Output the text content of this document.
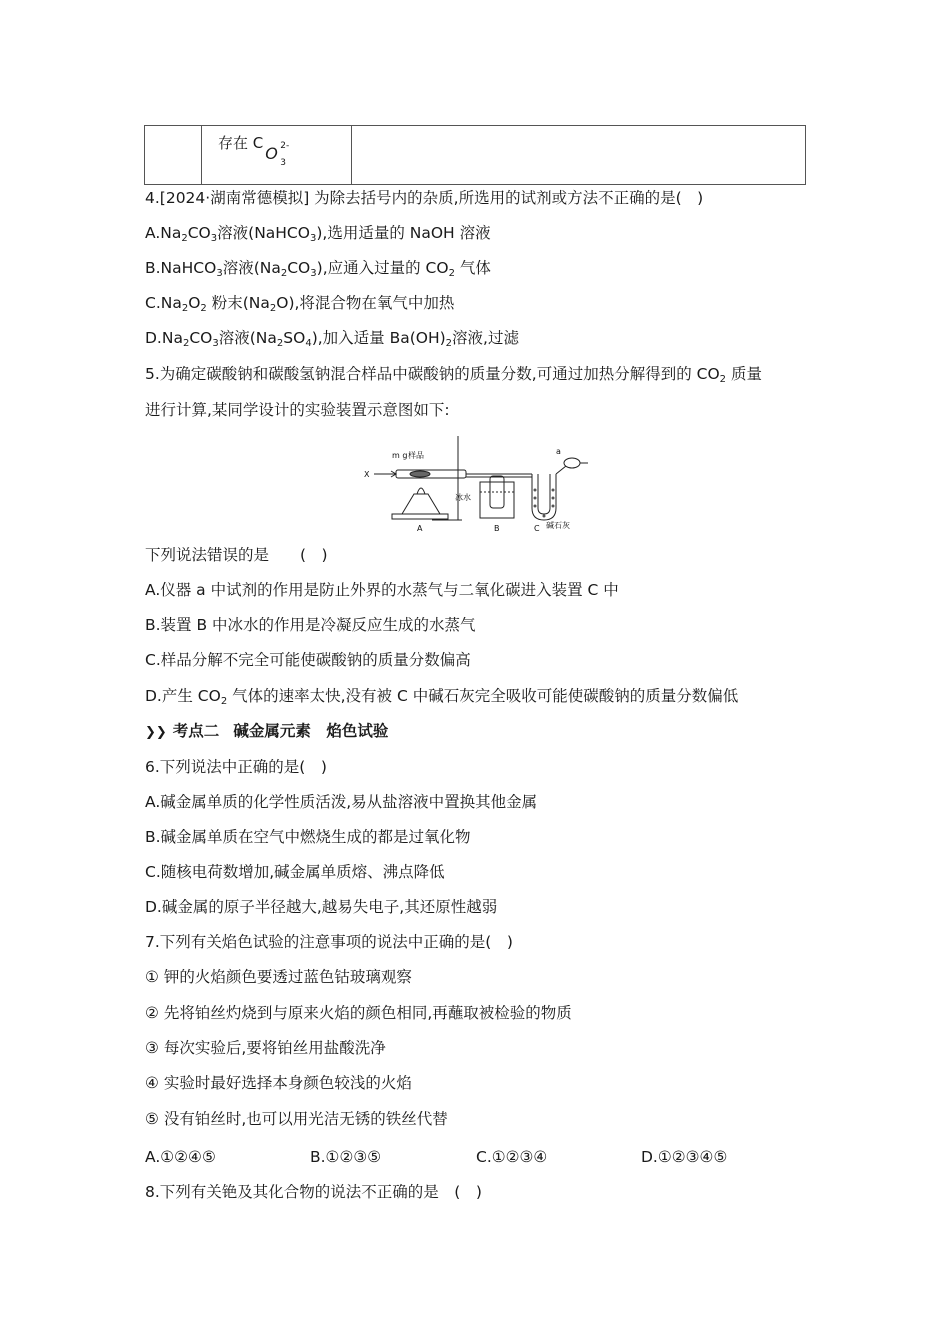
	存在 C
O 2-
3

4.[2024·湖南常德模拟] 为除去括号内的杂质,所选用的试剂或方法不正确的是(　)
$A.Na_2CO_3$溶液(NaHCO$_3$),选用适量的 NaOH 溶液
B.NaHCO$_3$溶液$(Na_2CO_3)$,应通入过量的 $CO_2$ 气体
$C.Na_2O_2$ 粉末$(Na_2O)$,将混合物在氧气中加热
$D.Na_2CO_3$溶液$(Na_2SO_4)$,加入适量 $Ba(OH)_2$溶液,过滤
5.为确定碳酸钠和碳酸氢钠混合样品中碳酸钠的质量分数,可通过加热分解得到的 $CO_2$ 质量
进行计算,某同学设计的实验装置示意图如下:
X
m g 样品
冰水
碱石灰
a
A	B	C
下列说法错误的是　　(　)
A.仪器 a 中试剂的作用是防止外界的水蒸气与二氧化碳进入装置 C 中
B.装置 B 中冰水的作用是冷凝反应生成的水蒸气
C.样品分解不完全可能使碳酸钠的质量分数偏高
D.产生 $CO_2$ 气体的速率太快,没有被 C 中碱石灰完全吸收可能使碳酸钠的质量分数偏低
❯❯ 考点二 碱金属元素　焰色试验
6.下列说法中正确的是(　)
A.碱金属单质的化学性质活泼,易从盐溶液中置换其他金属
B.碱金属单质在空气中燃烧生成的都是过氧化物
C.随核电荷数增加,碱金属单质熔、沸点降低
D.碱金属的原子半径越大,越易失电子,其还原性越弱
7.下列有关焰色试验的注意事项的说法中正确的是(　)
① 钾的火焰颜色要透过蓝色钴玻璃观察
② 先将铂丝灼烧到与原来火焰的颜色相同,再蘸取被检验的物质
③ 每次实验后,要将铂丝用盐酸洗净
④ 实验时最好选择本身颜色较浅的火焰
⑤ 没有铂丝时,也可以用光洁无锈的铁丝代替
A.①②④⑤	B.①②③⑤	C.①②③④	D.①②③④⑤
8.下列有关铯及其化合物的说法不正确的是　(　)
